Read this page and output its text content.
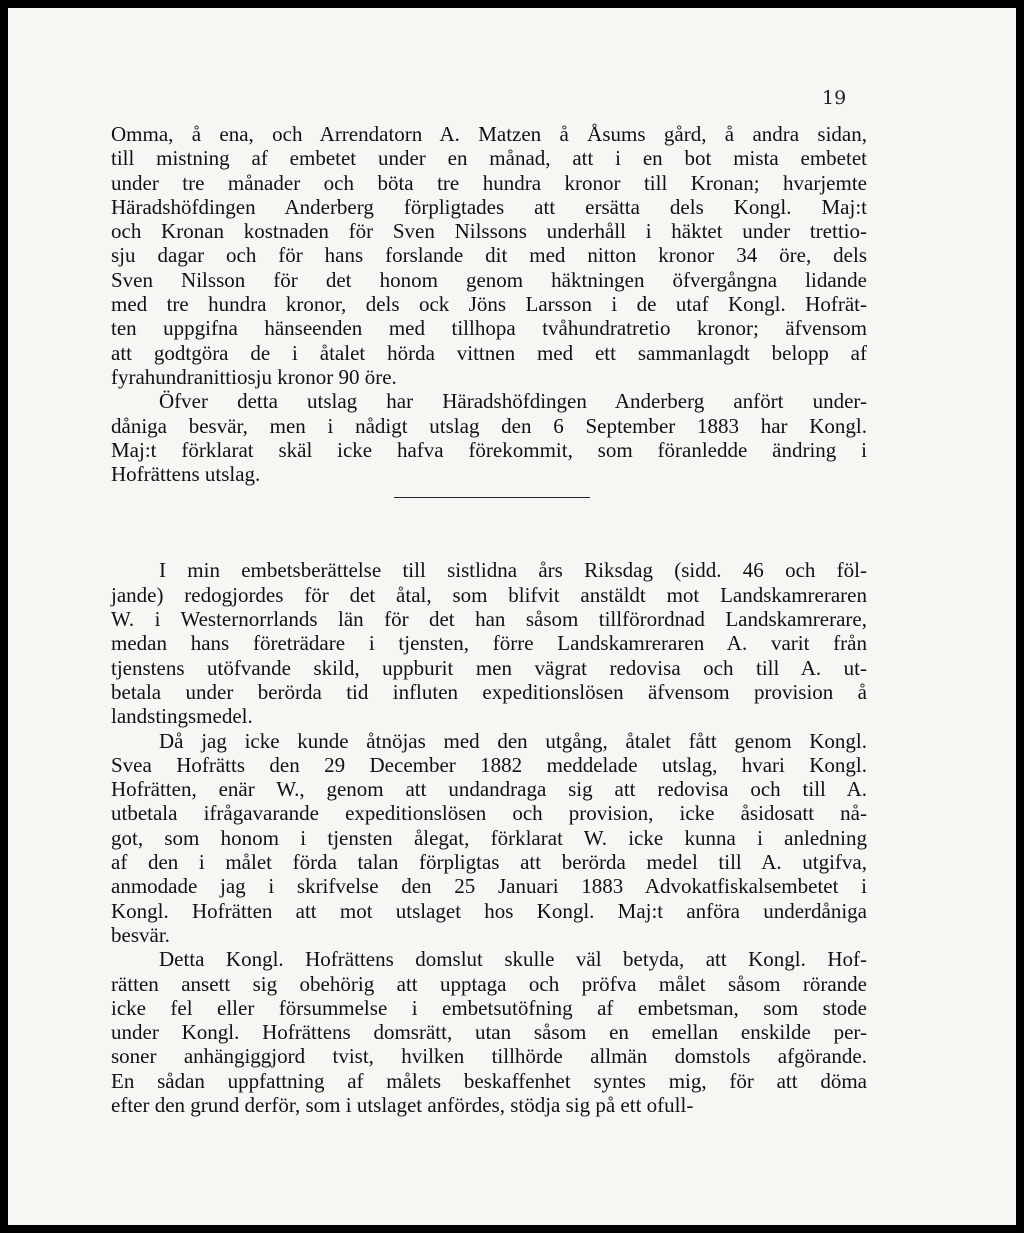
19
Omma, å ena, och Arrendatorn A. Matzen å Åsums gård, å andra sidan,
till mistning af embetet under en månad, att i en bot mista embetet
under tre månader och böta tre hundra kronor till Kronan; hvarjemte
Häradshöfdingen Anderberg förpligtades att ersätta dels Kongl. Maj:t
och Kronan kostnaden för Sven Nilssons underhåll i häktet under trettio-
sju dagar och för hans forslande dit med nitton kronor 34 öre, dels
Sven Nilsson för det honom genom häktningen öfvergångna lidande
med tre hundra kronor, dels ock Jöns Larsson i de utaf Kongl. Hofrät-
ten uppgifna hänseenden med tillhopa tvåhundratretio kronor; äfvensom
att godtgöra de i åtalet hörda vittnen med ett sammanlagdt belopp af
fyrahundranittiosju kronor 90 öre.
Öfver detta utslag har Häradshöfdingen Anderberg anfört under-
dåniga besvär, men i nådigt utslag den 6 September 1883 har Kongl.
Maj:t förklarat skäl icke hafva förekommit, som föranledde ändring i
Hofrättens utslag.
I min embetsberättelse till sistlidna års Riksdag (sidd. 46 och föl-
jande) redogjordes för det åtal, som blifvit anstäldt mot Landskamreraren
W. i Westernorrlands län för det han såsom tillförordnad Landskamrerare,
medan hans företrädare i tjensten, förre Landskamreraren A. varit från
tjenstens utöfvande skild, uppburit men vägrat redovisa och till A. ut-
betala under berörda tid influten expeditionslösen äfvensom provision å
landstingsmedel.
Då jag icke kunde åtnöjas med den utgång, åtalet fått genom Kongl.
Svea Hofrätts den 29 December 1882 meddelade utslag, hvari Kongl.
Hofrätten, enär W., genom att undandraga sig att redovisa och till A.
utbetala ifrågavarande expeditionslösen och provision, icke åsidosatt nå-
got, som honom i tjensten ålegat, förklarat W. icke kunna i anledning
af den i målet förda talan förpligtas att berörda medel till A. utgifva,
anmodade jag i skrifvelse den 25 Januari 1883 Advokatfiskalsembetet i
Kongl. Hofrätten att mot utslaget hos Kongl. Maj:t anföra underdåniga
besvär.
Detta Kongl. Hofrättens domslut skulle väl betyda, att Kongl. Hof-
rätten ansett sig obehörig att upptaga och pröfva målet såsom rörande
icke fel eller försummelse i embetsutöfning af embetsman, som stode
under Kongl. Hofrättens domsrätt, utan såsom en emellan enskilde per-
soner anhängiggjord tvist, hvilken tillhörde allmän domstols afgörande.
En sådan uppfattning af målets beskaffenhet syntes mig, för att döma
efter den grund derför, som i utslaget anfördes, stödja sig på ett ofull-
